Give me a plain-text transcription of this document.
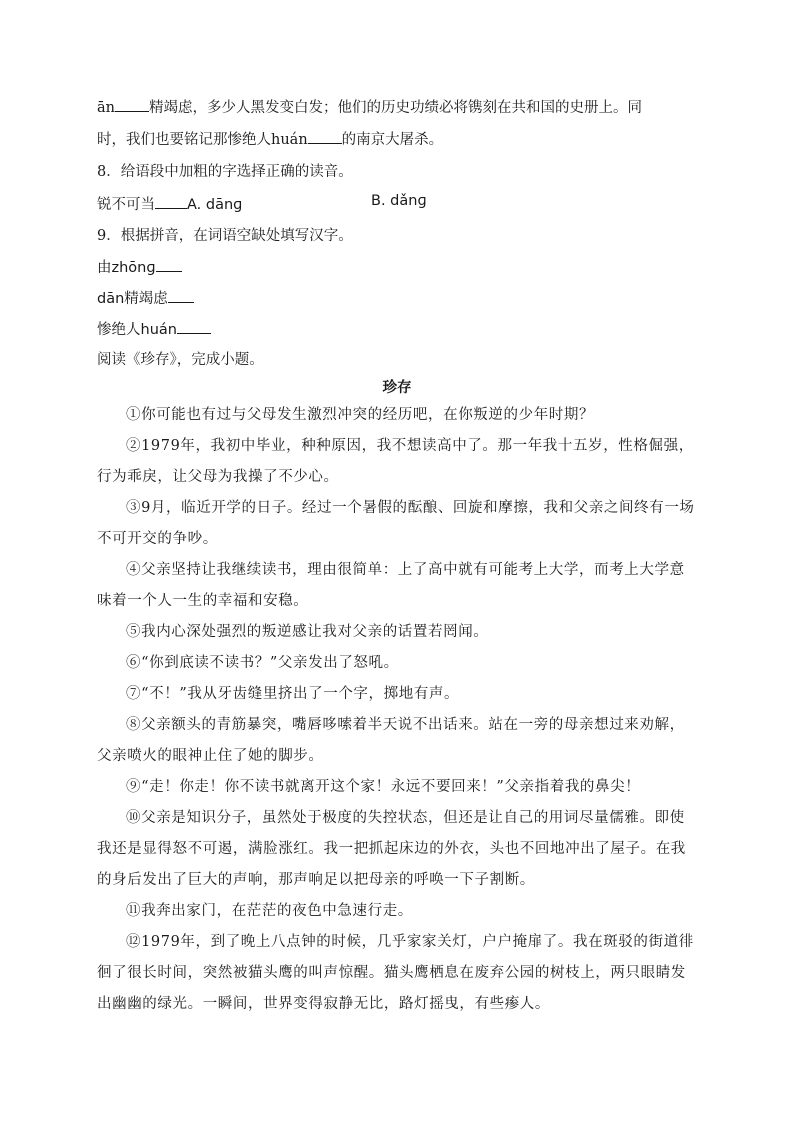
ān 精竭虑，多少人黑发变白发；他们的历史功绩必将镌刻在共和国的史册上。同
时，我们也要铭记那惨绝人huán 的南京大屠杀。
8．给语段中加粗的字选择正确的读音。
锐不可当 A. dānɡ	B. dǎnɡ
9．根据拼音，在词语空缺处填写汉字。
由zhōnɡ
dān精竭虑
惨绝人huán
阅读《珍存》，完成小题。
珍存
①你可能也有过与父母发生激烈冲突的经历吧，在你叛逆的少年时期？
②1979年，我初中毕业，种种原因，我不想读高中了。那一年我十五岁，性格倔强，行为乖戾，让父母为我操了不少心。
③9月，临近开学的日子。经过一个暑假的酝酿、回旋和摩擦，我和父亲之间终有一场不可开交的争吵。
④父亲坚持让我继续读书，理由很简单：上了高中就有可能考上大学，而考上大学意味着一个人一生的幸福和安稳。
⑤我内心深处强烈的叛逆感让我对父亲的话置若罔闻。
⑥“你到底读不读书？”父亲发出了怒吼。
⑦“不！”我从牙齿缝里挤出了一个字，掷地有声。
⑧父亲额头的青筋暴突，嘴唇哆嗦着半天说不出话来。站在一旁的母亲想过来劝解，父亲喷火的眼神止住了她的脚步。
⑨“走！你走！你不读书就离开这个家！永远不要回来！”父亲指着我的鼻尖！
⑩父亲是知识分子，虽然处于极度的失控状态，但还是让自己的用词尽量儒雅。即使我还是显得怒不可遏，满脸涨红。我一把抓起床边的外衣，头也不回地冲出了屋子。在我的身后发出了巨大的声响，那声响足以把母亲的呼唤一下子割断。
⑪我奔出家门，在茫茫的夜色中急速行走。
⑫1979年，到了晚上八点钟的时候，几乎家家关灯，户户掩扉了。我在斑驳的街道徘徊了很长时间，突然被猫头鹰的叫声惊醒。猫头鹰栖息在废弃公园的树枝上，两只眼睛发出幽幽的绿光。一瞬间，世界变得寂静无比，路灯摇曳，有些瘆人。
